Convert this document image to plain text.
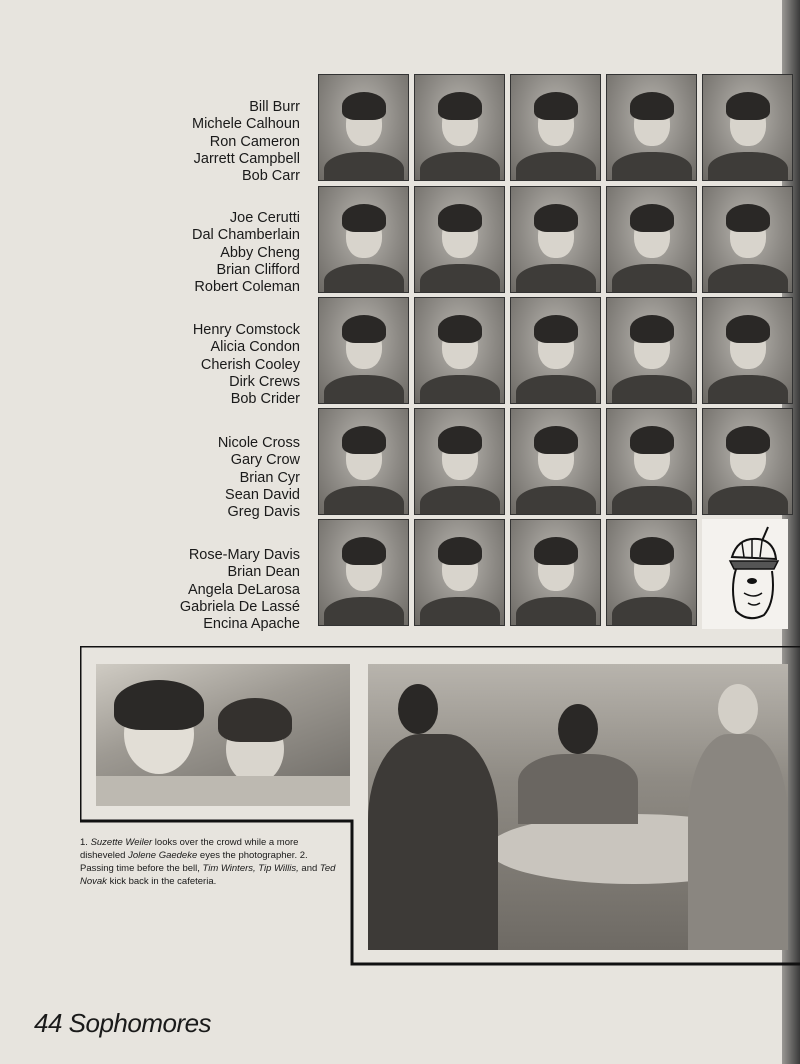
Bill Burr
Michele Calhoun
Ron Cameron
Jarrett Campbell
Bob Carr
Joe Cerutti
Dal Chamberlain
Abby Cheng
Brian Clifford
Robert Coleman
Henry Comstock
Alicia Condon
Cherish Cooley
Dirk Crews
Bob Crider
Nicole Cross
Gary Crow
Brian Cyr
Sean David
Greg Davis
Rose-Mary Davis
Brian Dean
Angela DeLarosa
Gabriela De Lassé
Encina Apache
1. Suzette Weiler looks over the crowd while a more disheveled Jolene Gaedeke eyes the photographer. 2. Passing time before the bell, Tim Winters, Tip Willis, and Ted Novak kick back in the cafeteria.
44 Sophomores
